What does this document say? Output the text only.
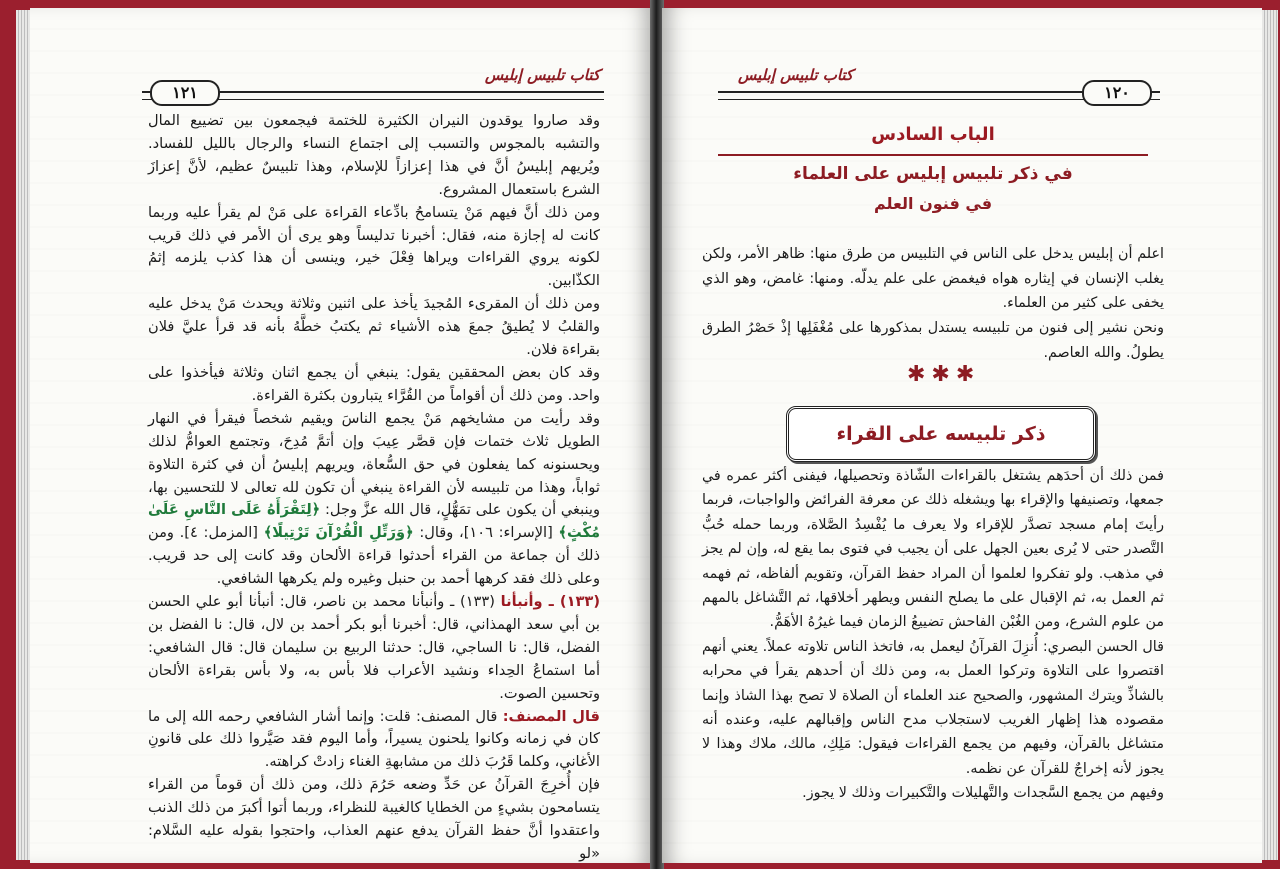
١٢١
كتاب تلبيس إبليس

وقد صاروا يوقدون النيران الكثيرة للختمة فيجمعون بين تضييع المال والتشبه بالمجوس والتسبب إلى اجتماع النساء والرجال بالليل للفساد. ويُريهم إبليسُ أنَّ في هذا إعزازاً للإسلام، وهذا تلبيسٌ عظيم، لأنَّ إعزازَ الشرع باستعمال المشروع.

ومن ذلك أنَّ فيهم مَنْ يتسامحُ بادِّعاء القراءة على مَنْ لم يقرأ عليه وربما كانت له إجازة منه، فقال: أخبرنا تدليساً وهو يرى أن الأمر في ذلك قريب لكونه يروي القراءات ويراها فِعْلَ خير، وينسى أن هذا كذب يلزمه إثمُ الكذّابين.

ومن ذلك أن المقرىء المُجيدَ يأخذ على اثنين وثلاثة ويحدث مَنْ يدخل عليه والقلبُ لا يُطيقُ جمعَ هذه الأشياء ثم يكتبُ خطَّهُ بأنه قد قرأ عليَّ فلان بقراءة فلان.

وقد كان بعض المحققين يقول: ينبغي أن يجمع اثنان وثلاثة فيأخذوا على واحد. ومن ذلك أن أقواماً من القُرَّاء يتبارون بكثرة القراءة.

وقد رأيت من مشايخهم مَنْ يجمع الناسَ ويقيم شخصاً فيقرأ في النهار الطويل ثلاث ختمات فإن قصَّر عِيبَ وإن أتمَّ مُدِحَ، وتجتمع العوامُّ لذلك ويحسنونه كما يفعلون في حق السُّعاة، ويريهم إبليسُ أن في كثرة التلاوة ثواباً، وهذا من تلبيسه لأن القراءة ينبغي أن تكون لله تعالى لا للتحسين بها، وينبغي أن يكون على تمَهُّلٍ، قال الله عزَّ وجل: ﴿لِتَقْرَأَهُ عَلَى النَّاسِ عَلَىٰ مُكْثٍ﴾ [الإسراء: ١٠٦]، وقال: ﴿وَرَتِّلِ الْقُرْآنَ تَرْتِيلًا﴾ [المزمل: ٤]. ومن ذلك أن جماعة من القراء أحدثوا قراءة الألحان وقد كانت إلى حد قريب. وعلى ذلك فقد كرهها أحمد بن حنبل وغيره ولم يكرهها الشافعي.

(١٣٣) ـ وأنبأنا (١٣٣) ـ وأنبأنا محمد بن ناصر، قال: أنبأنا أبو علي الحسن بن أبي سعد الهمذاني، قال: أخبرنا أبو بكر أحمد بن لال، قال: نا الفضل بن الفضل، قال: نا الساجي، قال: حدثنا الربيع بن سليمان قال: قال الشافعي: أما استماعُ الحِداء ونشيد الأعراب فلا بأس به، ولا بأس بقراءة الألحان وتحسين الصوت.

قال المصنف: قال المصنف: قلت: وإنما أشار الشافعي رحمه الله إلى ما كان في زمانه وكانوا يلحنون يسيراً، وأما اليوم فقد صَيَّروا ذلك على قانونِ الأغاني، وكلما قَرُبَ ذلك من مشابهةِ الغناء زادتْ كراهته.

فإن أُخرِجَ القرآنُ عن حَدِّ وضعه حَرُمَ ذلك، ومن ذلك أن قوماً من القراء يتسامحون بشيءٍ من الخطايا كالغيبة للنظراء، وربما أتوا أكبرَ من ذلك الذنب واعتقدوا أنَّ حفظ القرآن يدفع عنهم العذاب، واحتجوا بقوله عليه السَّلام: «لو

١٢٠
كتاب تلبيس إبليس
الباب السادس
في ذكر تلبيس إبليس على العلماء
في فنون العلم

اعلم أن إبليس يدخل على الناس في التلبيس من طرق منها: ظاهر الأمر، ولكن يغلب الإنسان في إيثاره هواه فيغمض على علم يدلّه. ومنها: غامض، وهو الذي يخفى على كثير من العلماء.

ونحن نشير إلى فنون من تلبيسه يستدل بمذكورها على مُغْفَلِها إذْ حَصْرُ الطرق يطولُ. والله العاصم.

✱✱✱
ذكر تلبيسه على القراء

فمن ذلك أن أحدَهم يشتغل بالقراءات الشّاذة وتحصيلها، فيفنى أكثر عمره في جمعها، وتصنيفها والإقراء بها ويشغله ذلك عن معرفة الفرائض والواجبات، فربما رأيتَ إمام مسجد تصدَّر للإقراء ولا يعرف ما يُفْسِدُ الصَّلاة، وربما حمله حُبُّ التَّصدر حتى لا يُرى بعين الجهل على أن يجيب في فتوى بما يقع له، وإن لم يجز في مذهب. ولو تفكروا لعلموا أن المراد حفظ القرآن، وتقويم ألفاظه، ثم فهمه ثم العمل به، ثم الإقبال على ما يصلح النفس ويطهر أخلاقها، ثم التَّشاغل بالمهم من علوم الشرع، ومن الغُبْن الفاحش تضييعُ الزمان فيما غيرُهُ الأهَمُّ.

قال الحسن البصري: أُنزِلَ القرآنُ ليعمل به، فاتخذ الناس تلاوته عملاً. يعني أنهم اقتصروا على التلاوة وتركوا العمل به، ومن ذلك أن أحدهم يقرأ في محرابه بالشاذِّ ويترك المشهور، والصحيح عند العلماء أن الصلاة لا تصح بهذا الشاذ وإنما مقصوده هذا إظهار الغريب لاستجلاب مدح الناس وإقبالهم عليه، وعنده أنه متشاغل بالقرآن، وفيهم من يجمع القراءات فيقول: مَلِكِ، مالك، ملاك وهذا لا يجوز لأنه إخراجٌ للقرآن عن نظمه.

وفيهم من يجمع السَّجدات والتَّهليلات والتَّكبيرات وذلك لا يجوز.
